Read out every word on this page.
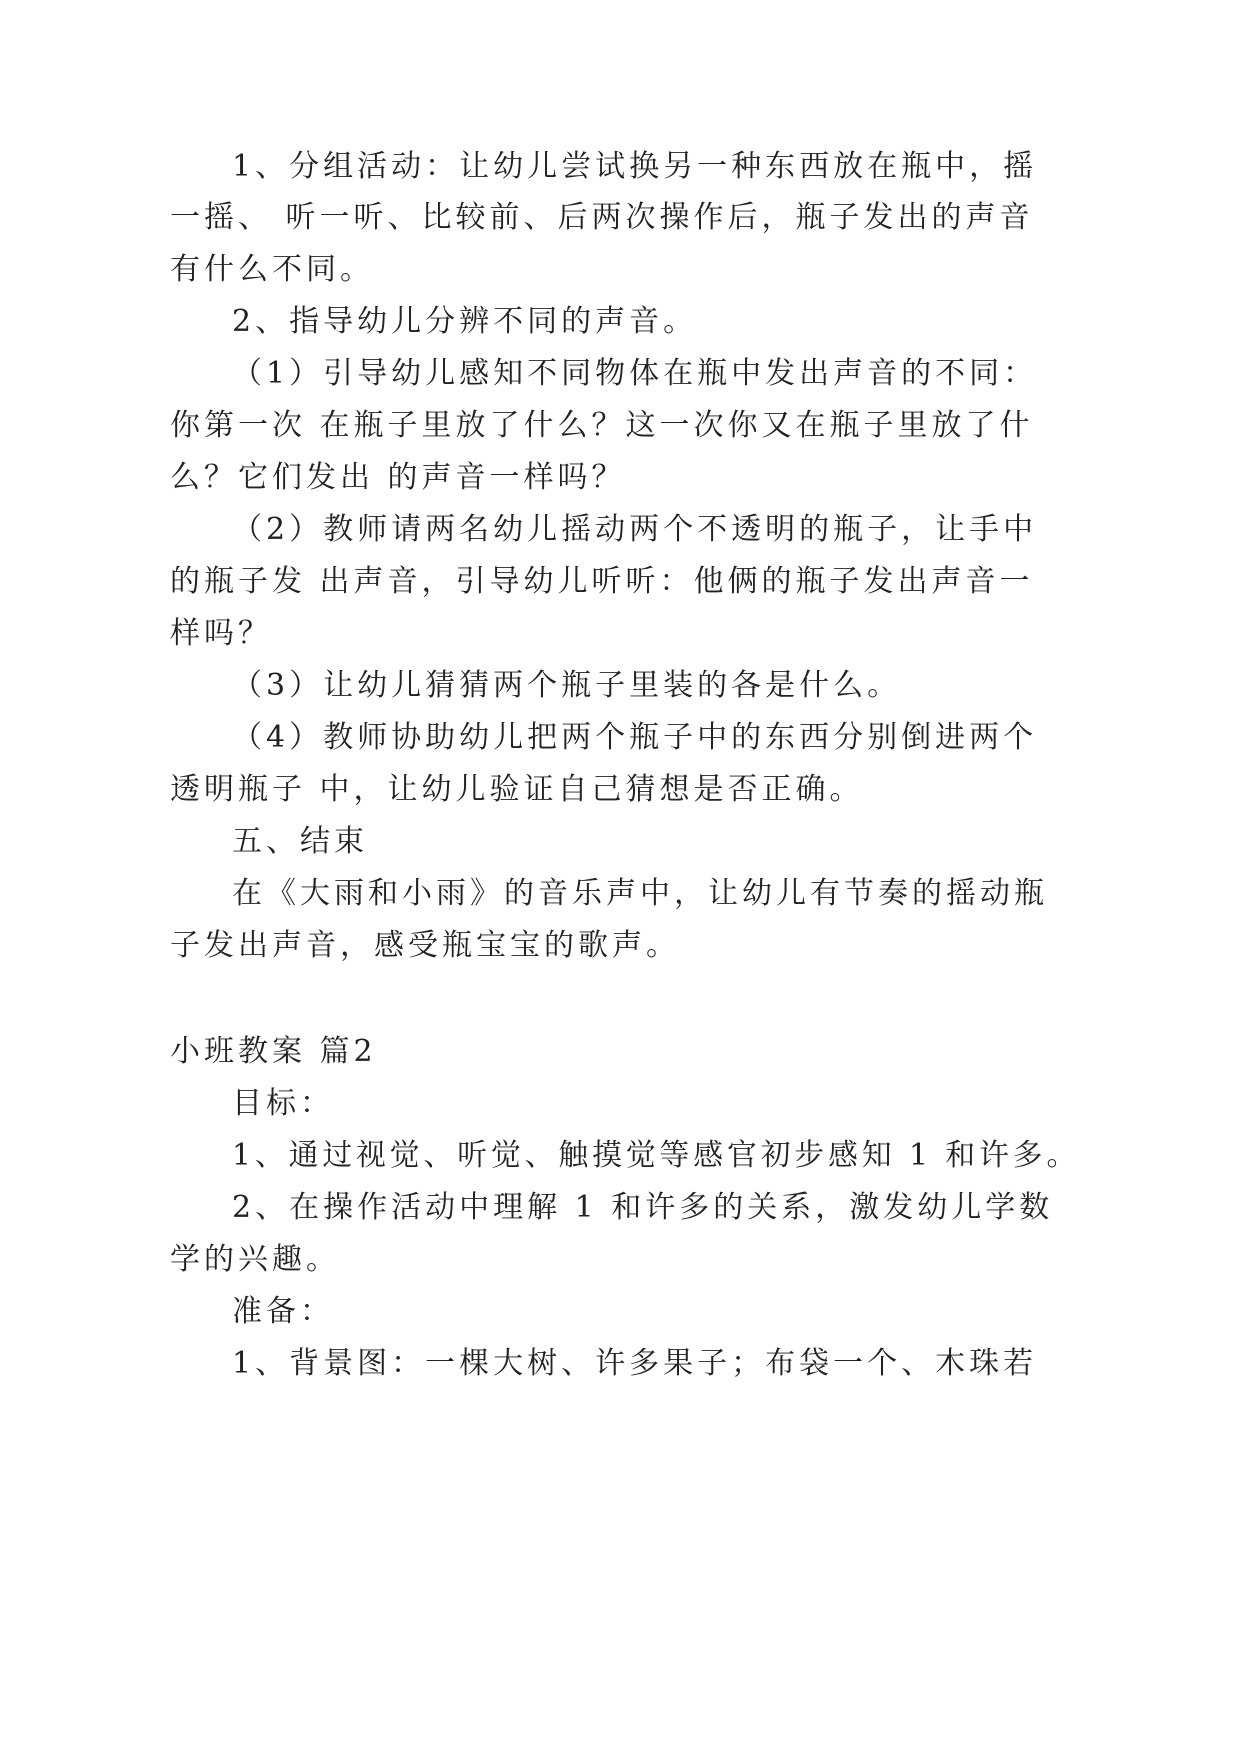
1、分组活动：让幼儿尝试换另一种东西放在瓶中，摇
一摇、 听一听、比较前、后两次操作后，瓶子发出的声音
有什么不同。
2、指导幼儿分辨不同的声音。
（1）引导幼儿感知不同物体在瓶中发出声音的不同：
你第一次 在瓶子里放了什么？这一次你又在瓶子里放了什
么？它们发出 的声音一样吗？
（2）教师请两名幼儿摇动两个不透明的瓶子，让手中
的瓶子发 出声音，引导幼儿听听：他俩的瓶子发出声音一
样吗？
（3）让幼儿猜猜两个瓶子里装的各是什么。
（4）教师协助幼儿把两个瓶子中的东西分别倒进两个
透明瓶子 中，让幼儿验证自己猜想是否正确。
五、结束
在《大雨和小雨》的音乐声中，让幼儿有节奏的摇动瓶
子发出声音，感受瓶宝宝的歌声。
小班教案 篇2
目标：
1、通过视觉、听觉、触摸觉等感官初步感知 1 和许多。
2、在操作活动中理解 1 和许多的关系，激发幼儿学数
学的兴趣。
准备：
1、背景图：一棵大树、许多果子；布袋一个、木珠若
